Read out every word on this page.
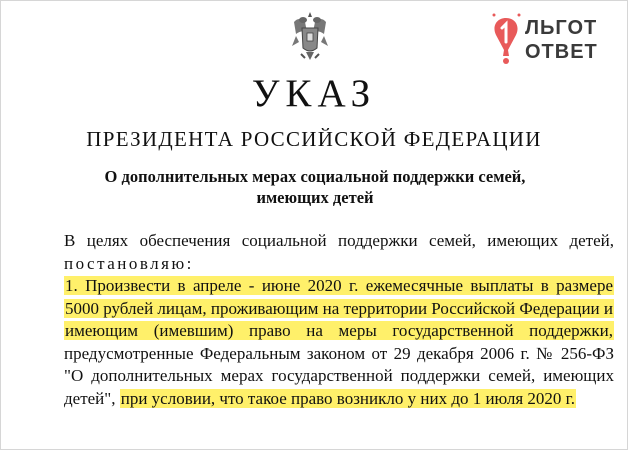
ЛЬГОТ
ОТВЕТ
УКАЗ
ПРЕЗИДЕНТА РОССИЙСКОЙ ФЕДЕРАЦИИ
О дополнительных мерах социальной поддержки семей,
имеющих детей
В целях обеспечения социальной поддержки семей, имеющих детей, постановляю:
1. Произвести в апреле - июне 2020 г. ежемесячные выплаты в размере 5000 рублей лицам, проживающим на территории Российской Федерации и имеющим (имевшим) право на меры государственной поддержки, предусмотренные Федеральным законом от 29 декабря 2006 г. № 256-ФЗ "О дополнительных мерах государственной поддержки семей, имеющих детей", при условии, что такое право возникло у них до 1 июля 2020 г.
